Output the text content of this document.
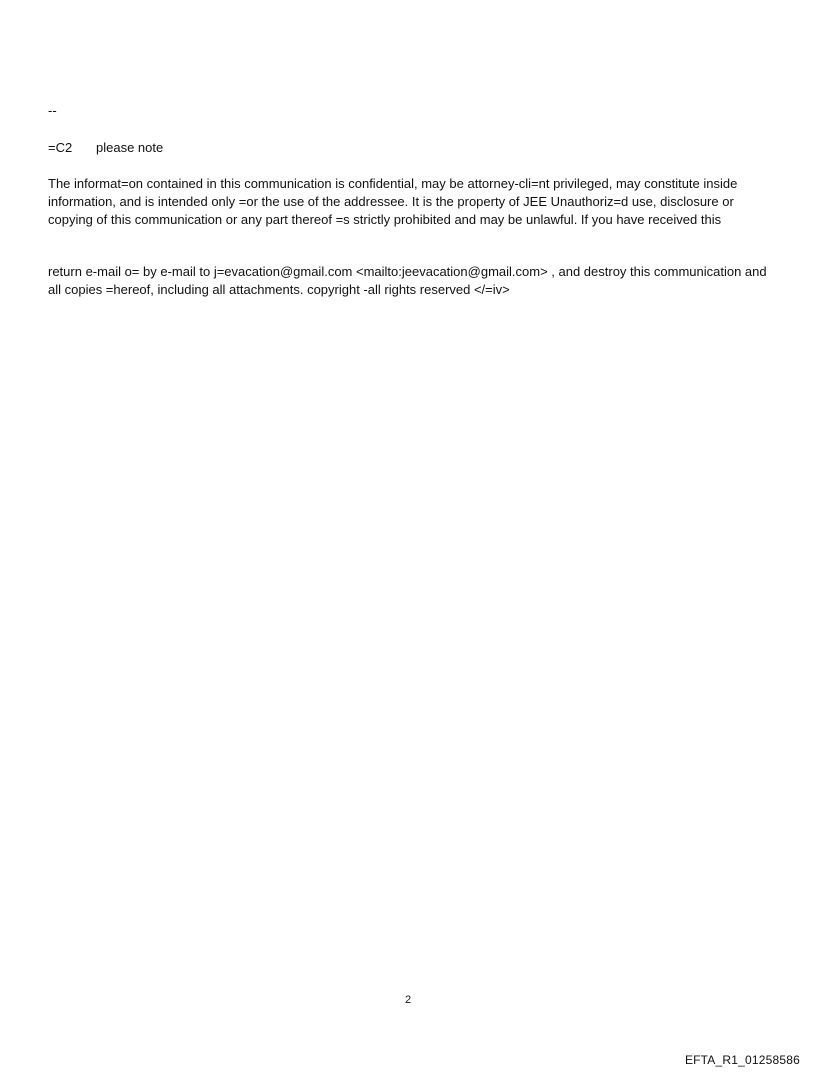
--
=C2 please note
The informat=on contained in this communication is confidential, may be attorney-cli=nt privileged, may constitute inside information, and is intended only =or the use of the addressee. It is the property of JEE Unauthoriz=d use, disclosure or copying of this communication or any part thereof =s strictly prohibited and may be unlawful. If you have received this
return e-mail o= by e-mail to j=evacation@gmail.com <mailto:jeevacation@gmail.com> , and destroy this communication and all copies =hereof, including all attachments. copyright -all rights reserved </=iv>
2
EFTA_R1_01258586
